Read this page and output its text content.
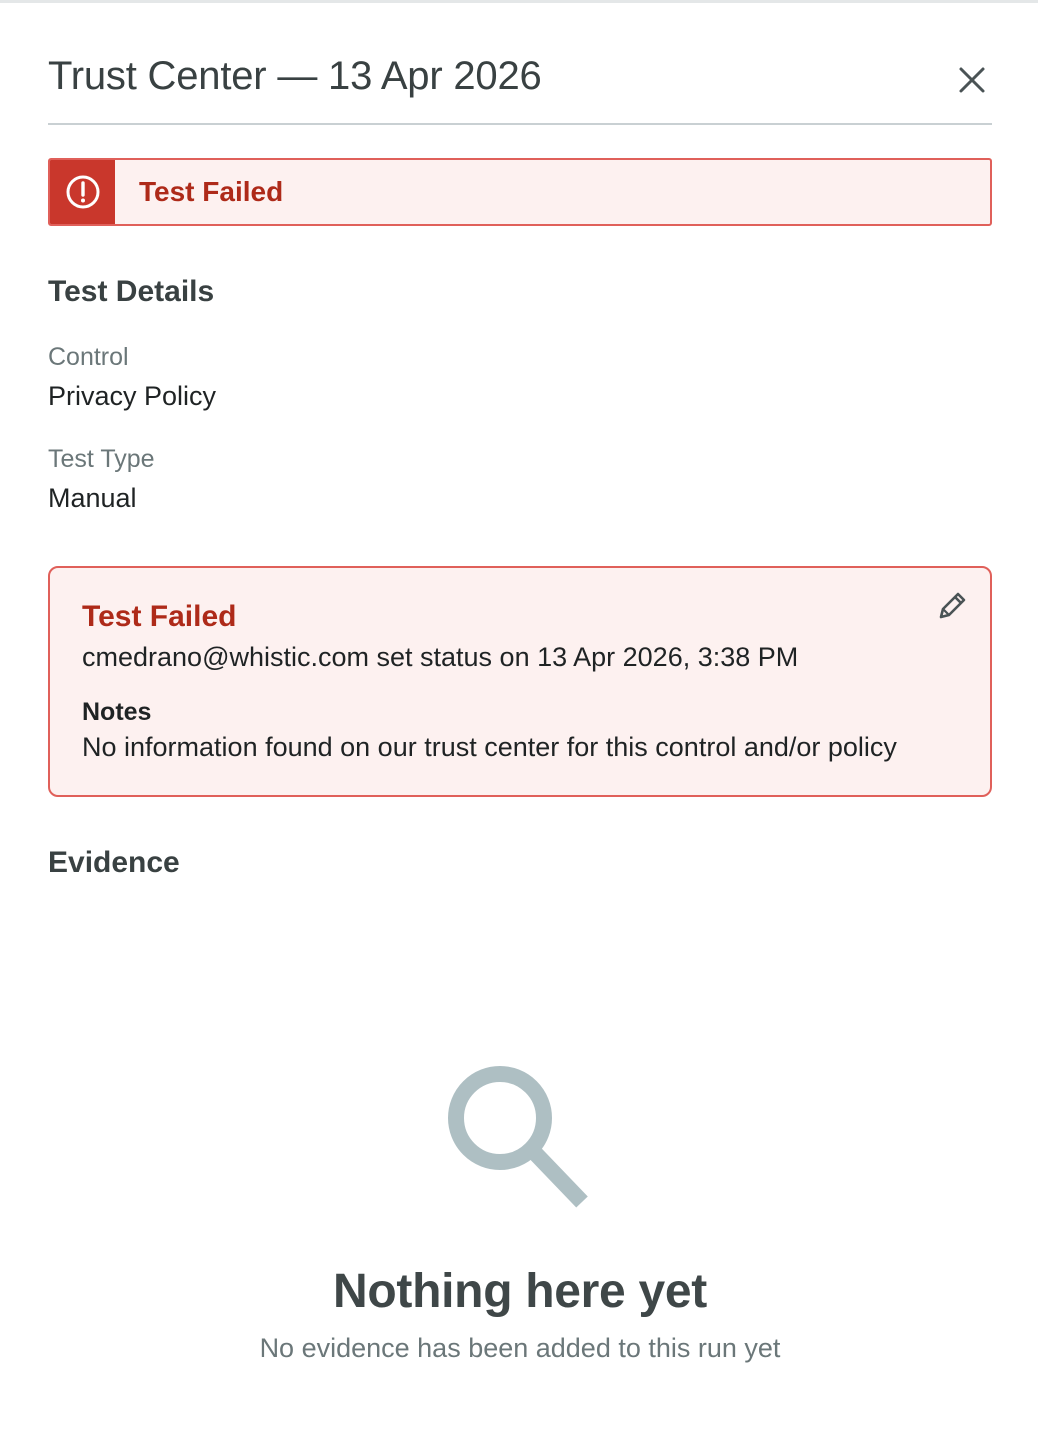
Trust Center — 13 Apr 2026
Test Failed
Test Details
Control
Privacy Policy
Test Type
Manual
Test Failed
cmedrano@whistic.com set status on 13 Apr 2026, 3:38 PM
Notes
No information found on our trust center for this control and/or policy
Evidence
Nothing here yet
No evidence has been added to this run yet
